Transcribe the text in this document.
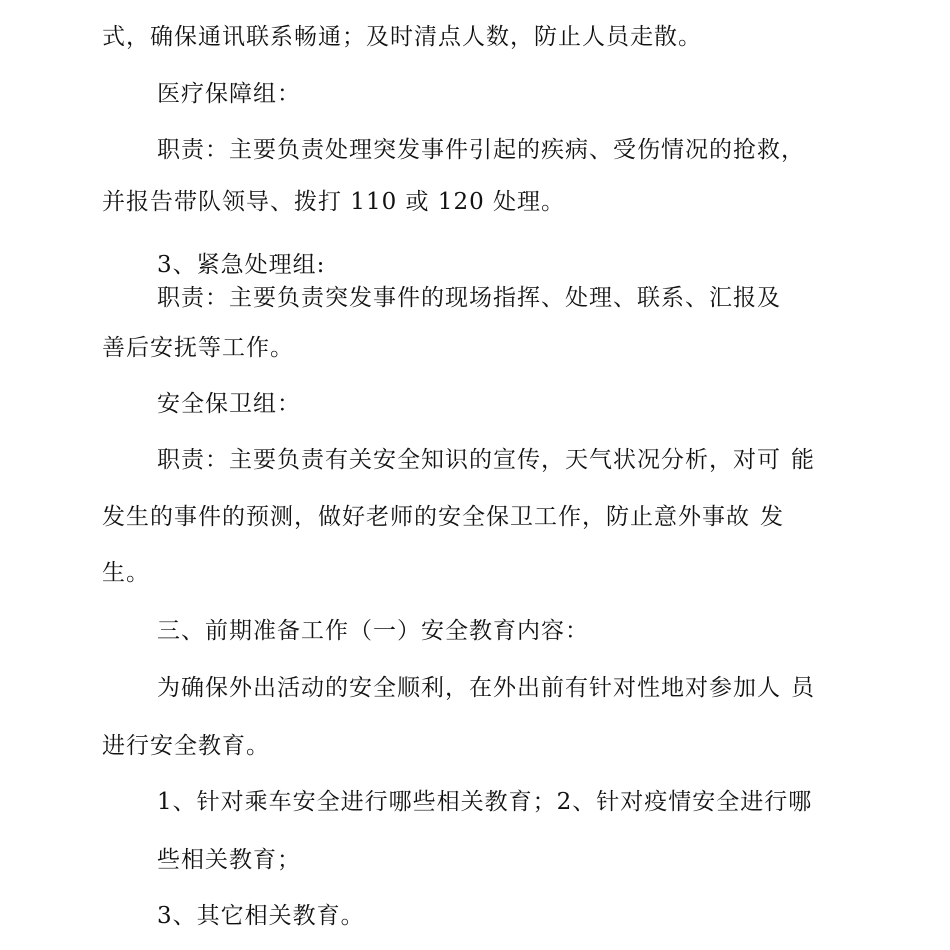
式，确保通讯联系畅通；及时清点人数，防止人员走散。
医疗保障组：
职责：主要负责处理突发事件引起的疾病、受伤情况的抢救，
并报告带队领导、拨打 110 或 120 处理。
3、紧急处理组:
职责：主要负责突发事件的现场指挥、处理、联系、汇报及
善后安抚等工作。
安全保卫组：
职责：主要负责有关安全知识的宣传，天气状况分析，对可 能
发生的事件的预测，做好老师的安全保卫工作，防止意外事故 发
生。
三、前期准备工作（一）安全教育内容：
为确保外出活动的安全顺利，在外出前有针对性地对参加人 员
进行安全教育。
1、针对乘车安全进行哪些相关教育；2、针对疫情安全进行哪
些相关教育；
3、其它相关教育。
